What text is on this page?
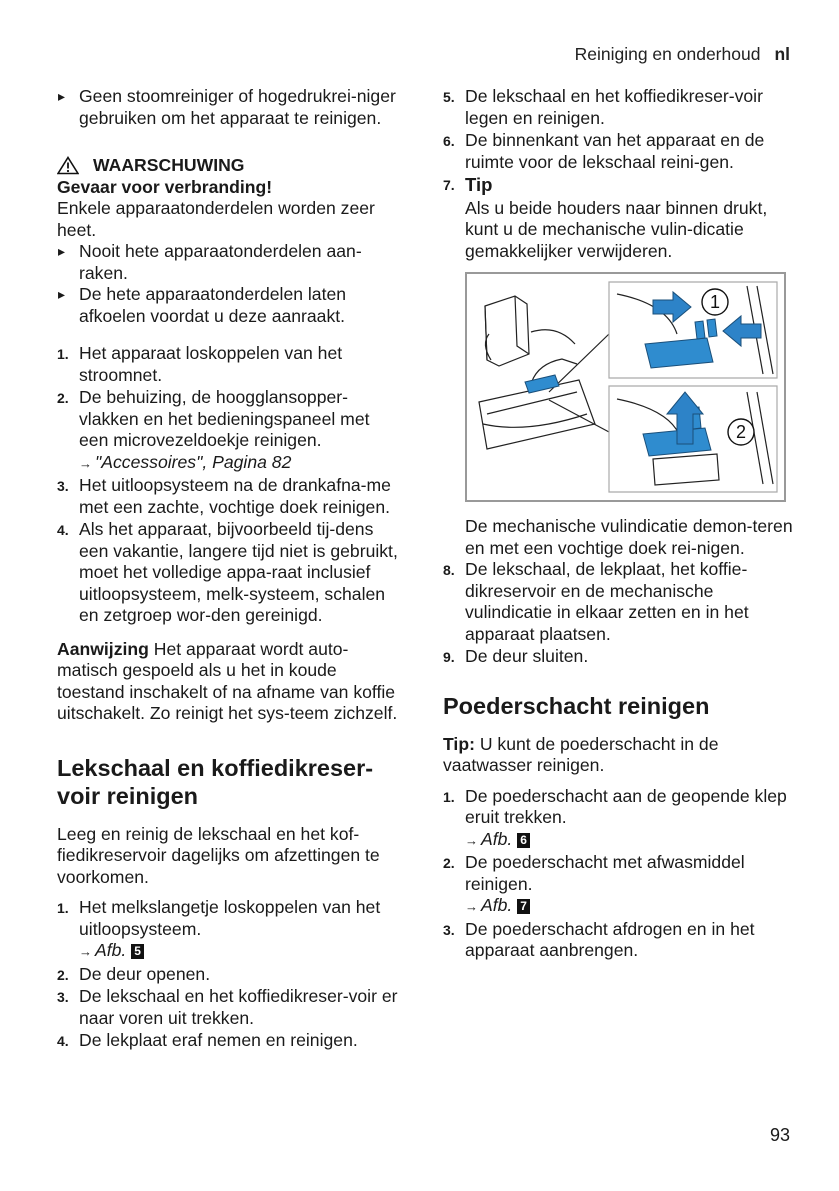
Reiniging en onderhoud nl

▸ Geen stoomreiniger of hogedrukrei-niger gebruiken om het apparaat te reinigen.

WAARSCHUWING

Gevaar voor verbranding!

Enkele apparaatonderdelen worden zeer heet.

▸ Nooit hete apparaatonderdelen aan-raken.

▸ De hete apparaatonderdelen laten afkoelen voordat u deze aanraakt.

1. Het apparaat loskoppelen van het stroomnet.
2. De behuizing, de hoogglansopper-vlakken en het bedieningspaneel met een microvezeldoekje reinigen.
→ "Accessoires", Pagina 82
3. Het uitloopsysteem na de drankafna-me met een zachte, vochtige doek reinigen.
4. Als het apparaat, bijvoorbeeld tij-dens een vakantie, langere tijd niet is gebruikt, moet het volledige appa-raat inclusief uitloopsysteem, melk-systeem, schalen en zetgroep wor-den gereinigd.

Aanwijzing Het apparaat wordt auto-matisch gespoeld als u het in koude toestand inschakelt of na afname van koffie uitschakelt. Zo reinigt het sys-teem zichzelf.

Lekschaal en koffiedikreser-voir reinigen

Leeg en reinig de lekschaal en het kof-fiedikreservoir dagelijks om afzettingen te voorkomen.

1. Het melkslangetje loskoppelen van het uitloopsysteem.
→ Afb. 5
2. De deur openen.
3. De lekschaal en het koffiedikreser-voir er naar voren uit trekken.
4. De lekplaat eraf nemen en reinigen.
5. De lekschaal en het koffiedikreser-voir legen en reinigen.
6. De binnenkant van het apparaat en de ruimte voor de lekschaal reini-gen.
7. Tip

Als u beide houders naar binnen drukt, kunt u de mechanische vulin-dicatie gemakkelijker verwijderen.

1
2

De mechanische vulindicatie demon-teren en met een vochtige doek rei-nigen.

8. De lekschaal, de lekplaat, het koffie-dikreservoir en de mechanische vulindicatie in elkaar zetten en in het apparaat plaatsen.
9. De deur sluiten.
Poederschacht reinigen

Tip: U kunt de poederschacht in de vaatwasser reinigen.

1. De poederschacht aan de geopende klep eruit trekken.
→ Afb. 6
2. De poederschacht met afwasmiddel reinigen.
→ Afb. 7
3. De poederschacht afdrogen en in het apparaat aanbrengen.
93
